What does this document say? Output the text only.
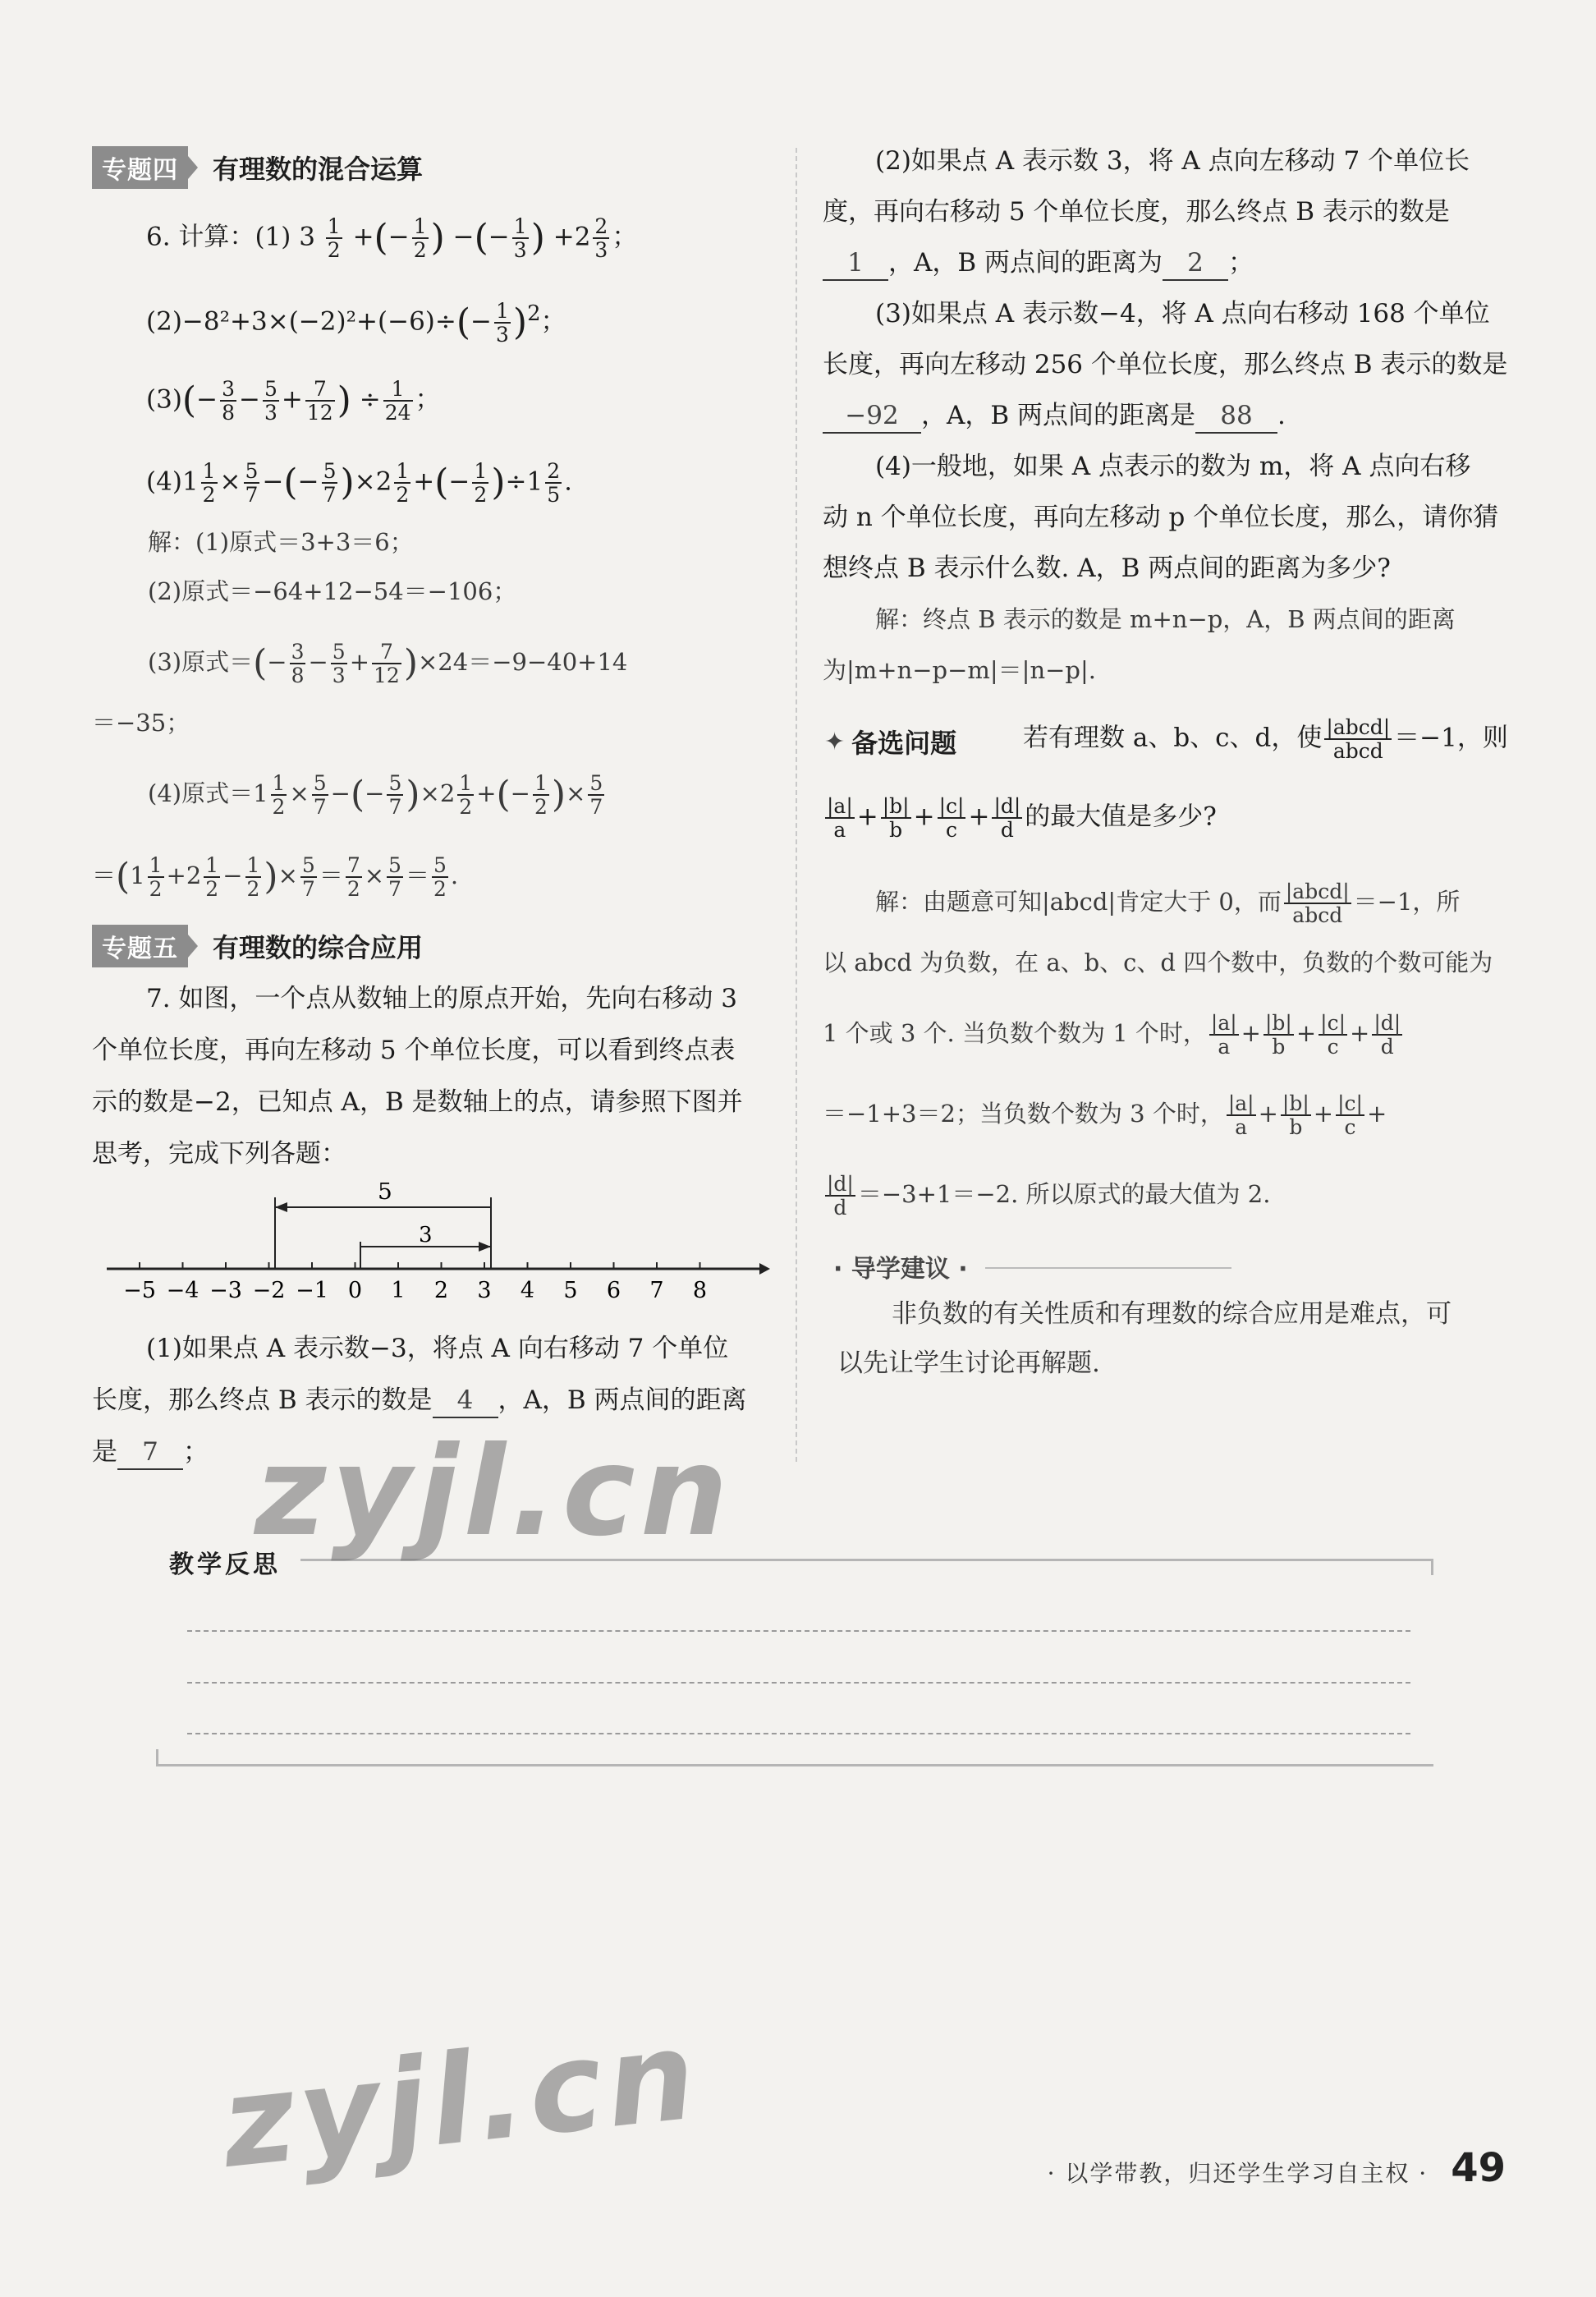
专题四	有理数的混合运算
6. 计算：(1) $3 \frac{1}{2}$ +(− $\frac{1}{2}$ ) −(− $\frac{1}{3}$ ) $+2 \frac{2}{3}$ ；
$(2)-8^2+3\times(-2)^2+(-6)\div(- \frac{1}{3} )^2$；
$(3)(- \frac{3}{8} - \frac{5}{3} + \frac{7}{12}$ ) ÷ $\frac{1}{24}$ ；
$(4)1 \frac{1}{2} \times \frac{5}{7}$ −(− $\frac{5}{7} )\times 2 \frac{1}{2}$ +(− $\frac{1}{2} )\div 1 \frac{2}{5}$ .
解：(1)原式＝3+3＝6；
(2)原式＝−64+12−54＝−106；
(3)原式＝(− $\frac{3}{8} - \frac{5}{3} + \frac{7}{12} )\times 24=-9-40+14$
＝−35；
(4)原式$=1 \frac{1}{2} \times \frac{5}{7}$ −(− $\frac{5}{7} )\times 2 \frac{1}{2}$ +(− $\frac{1}{2}$ )× $\frac{5}{7}$
$=(1 \frac{1}{2} +2 \frac{1}{2} - \frac{1}{2}$ )× $\frac{5}{7} = \frac{7}{2} \times \frac{5}{7} = \frac{5}{2}$ .
专题五	有理数的综合应用
7. 如图，一个点从数轴上的原点开始，先向右移动 3
个单位长度，再向左移动 5 个单位长度，可以看到终点表
示的数是−2，已知点 A，B 是数轴上的点，请参照下图并
思考，完成下列各题：
−5 −4 −3 −2 −1 0 1 2 3 4 5 6 7 8
5
3
(1)如果点 A 表示数−3，将点 A 向右移动 7 个单位
长度，那么终点 B 表示的数是 4 ，A，B 两点间的距离
是 7 ；
(2)如果点 A 表示数 3，将 A 点向左移动 7 个单位长
度，再向右移动 5 个单位长度，那么终点 B 表示的数是
1 ，A，B 两点间的距离为 2 ；
(3)如果点 A 表示数−4，将 A 点向右移动 168 个单位
长度，再向左移动 256 个单位长度，那么终点 B 表示的数是
−92 ，A，B 两点间的距离是 88 .
(4)一般地，如果 A 点表示的数为 m，将 A 点向右移
动 n 个单位长度，再向左移动 p 个单位长度，那么，请你猜
想终点 B 表示什么数. A，B 两点间的距离为多少?
解：终点 B 表示的数是 m+n−p，A，B 两点间的距离
为|m+n−p−m|＝|n−p|.
✦ 备选问题	若有理数 a、b、c、d，使 $\frac{\text{|abcd|}}{\text{abcd}} =-1$，则
$\frac{|a|}{a} + \frac{|b|}{b} + \frac{|c|}{c} + \frac{|d|}{d}$ 的最大值是多少?
解：由题意可知|abcd|肯定大于 0，而 $\frac{\text{|abcd|}}{\text{abcd}} =-1$，所
以 abcd 为负数，在 a、b、c、d 四个数中，负数的个数可能为
1 个或 3 个. 当负数个数为 1 个时， $\frac{|a|}{a} + \frac{|b|}{b} + \frac{|c|}{c} + \frac{|d|}{d}$
＝−1+3＝2；当负数个数为 3 个时， $\frac{|a|}{a} + \frac{|b|}{b} + \frac{|c|}{c}$ +
$\frac{|d|}{d} =-3+1=-2$. 所以原式的最大值为 2.
· 导学建议 ·
非负数的有关性质和有理数的综合应用是难点，可
以先让学生讨论再解题.
教学反思
zyjl.cn
zyjl.cn	· 以学带教，归还学生学习自主权 · 49
